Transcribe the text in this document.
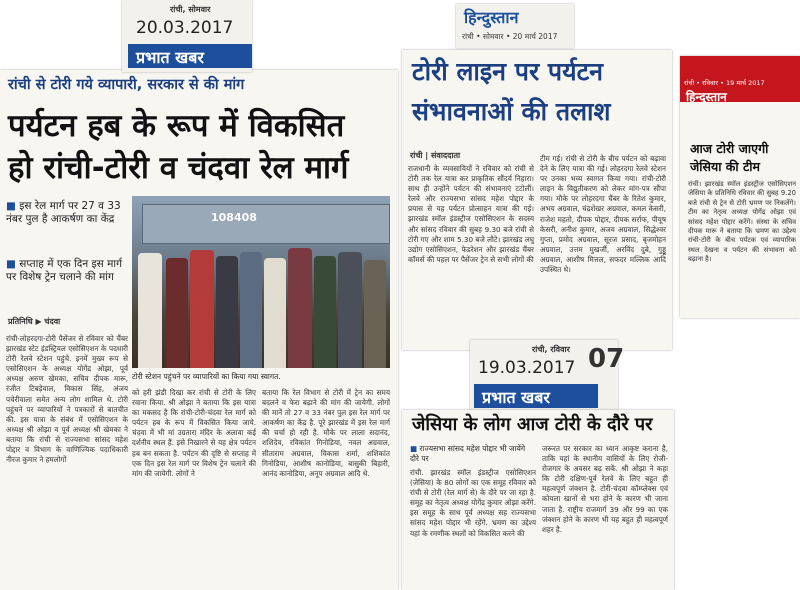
रांची, सोमवार
20.03.2017
प्रभात खबर
रांची से टोरी गये व्यापारी, सरकार से की मांग
पर्यटन हब के रूप में विकसित
हो रांची-टोरी व चंदवा रेल मार्ग
■ इस रेल मार्ग पर 27 व 33 नंबर पुल है आकर्षण का केंद्र
■ सप्ताह में एक दिन इस मार्ग पर विशेष ट्रेन चलाने की मांग
प्रतिनिधि ▶ चंदवा
108408
टोरी स्टेशन पहुंचने पर व्यापारियों का किया गया स्वागत.
रांची-लोहरदगा-टोरी पैसेंजर से रविवार को चैंबर झारखंड स्टेट इंडस्ट्रियल एसोसिएशन के पदधारी टोरी रेलवे स्टेशन पहुंचे. इनमें मुख्य रूप से एसोसिएशन के अध्यक्ष योगेंद्र ओझा, पूर्व अध्यक्ष अरुण खेमका, सचिव दीपक मारू, रंजीत टिबड़ेवाल, विकास सिंह, अंजय पचेरीवाला समेत अन्य लोग शामिल थे. टोरी पहुंचने पर व्यापारियों ने पत्रकारों से बातचीत की. इस यात्रा के संबंध में एसोसिएशन के अध्यक्ष श्री ओझा व पूर्व अध्यक्ष श्री खेमका ने बताया कि रांची से राज्यसभा सांसद महेश पोद्दार व विभाग के वाणिज्यिक पदाधिकारी नीरज कुमार ने हमलोगों
को हरी झंडी दिखा कर रांची से टोरी के लिए रवाना किया. श्री ओझा ने बताया कि इस यात्रा का मकसद है कि रांची-टोरी-चंदवा रेल मार्ग को पर्यटन हब के रूप में विकसित किया जाये. चंदवा में भी मां उग्रतारा मंदिर के अलावा कई दर्शनीय स्थल हैं. इसे निखारने से यह क्षेत्र पर्यटन हब बन सकता है. पर्यटन की दृष्टि से सप्ताह में एक दिन इस रेल मार्ग पर विशेष ट्रेन चलाने की मांग की जायेगी. लोगों ने
बताया कि रेल विभाग से टोरी में ट्रेन का समय बदलने व फेरा बढ़ाने की मांग की जायेगी. लोगों की मानें तो 27 व 33 नंबर पुल इस रेल मार्ग पर आकर्षण का केंद्र है. पूरे झारखंड में इस रेल मार्ग की चर्चा हो रही है. मौके पर लाला सदानंद, शशिदेव, रविकांत गिनोडिया, नवल अग्रवाल, सीताराम अग्रवाल, विकास शर्मा, शशिकांत गिनोडिया, आशीष कानोडिया, बासुकी बिहारी, आनंद कानोडिया, अनूप अग्रवाल आदि थे.
हिन्दुस्तान
रांची • सोमवार • 20 मार्च 2017
टोरी लाइन पर पर्यटन
संभावनाओं की तलाश
रांची | संवाददाता
राजधानी के व्यवसायियों ने रविवार को रांची से टोरी तक रेल यात्रा कर प्राकृतिक सौंदर्य निहारा। साथ ही उन्होंने पर्यटन की संभावनाएं टटोलीं। रेलवे और राज्यसभा सांसद महेश पोद्दार के प्रयास से यह पर्यटन प्रोत्साहन यात्रा की गई। झारखंड स्मॉल इंडस्ट्रीज एसोसिएशन के सदस्य और सांसद रविवार की सुबह 9.30 बजे रांची से टोरी गए और शाम 5.30 बजे लौटे। झारखंड लघु उद्योग एसोसिएशन, फेडरेशन और झारखंड चैंबर कॉमर्स की पहल पर पैसेंजर ट्रेन से सभी लोगों की
टीम गई। रांची से टोरी के बीच पर्यटन को बढ़ावा देने के लिए यात्रा की गई। लोहरदगा रेलवे स्टेशन पर उनका भव्य स्वागत किया गया। रांची-टोरी लाइन के विद्युतीकरण को लेकर मांग-पत्र सौंपा गया। मौके पर लोहरदगा चैंबर के रितेश कुमार, अभय अग्रवाल, चंद्रशेखर अग्रवाल, कमल केसरी, राजेश महतो, दीपक पोद्दार, दीपक सर्राफ, पीयूष केसरी, अनीश कुमार, अजय अग्रवाल, सिद्धेश्वर गुप्ता, प्रमोद अग्रवाल, सूरज प्रसाद, बृजमोहन अग्रवाल, उत्तम मुखर्जी, अरविंद दुबे, गुड्डू अग्रवाल, आशीष मित्तल, सफदर मल्लिक आदि उपस्थित थे।
रांची, रविवार
19.03.2017 07
प्रभात खबर
जेसिया के लोग आज टोरी के दौरे पर
■ राज्यसभा सांसद महेश पोद्दार भी जायेंगे दौरे पर
रांची. झारखंड स्मॉल इंडस्ट्रीज एसोसिएशन (जेसिया) के 80 लोगों का एक समूह रविवार को रांची से टोरी (रेल मार्ग से) के दौरे पर जा रहा है. समूह का नेतृत्व अध्यक्ष योगेंद्र कुमार ओझा करेंगे. इस समूह के साथ पूर्व अध्यक्ष सह राज्यसभा सांसद महेश पोद्दार भी रहेंगे. भ्रमण का उद्देश्य यहां के रमणीक स्थलों को विकसित करने की
जरूरत पर सरकार का ध्यान आकृष्ट कराना है, ताकि यहां के स्थानीय वासियों के लिए रोजी-रोजगार के अवसर बढ़ सकें. श्री ओझा ने कहा कि टोरी दक्षिण-पूर्व रेलवे के लिए बहुत ही महत्वपूर्ण जंक्शन है. टोरी-चंदवा कॉम्प्लेक्स एवं कोयला खानों से भरा होने के कारण भी जाना जाता है. राष्ट्रीय राजमार्ग 39 और 99 का एक जंक्शन होने के कारण भी यह बहुत ही महत्वपूर्ण शहर है.
रांची • रविवार • 19 मार्च 2017
हिन्दुस्तान
आज टोरी जाएगी
जेसिया की टीम
रांची। झारखंड स्मॉल इंडस्ट्रीज एसोसिएशन जेसिया के प्रतिनिधि रविवार की सुबह 9.20 बजे रांची से ट्रेन से टोरी भ्रमण पर निकलेंगे। टीम का नेतृत्व अध्यक्ष योगेंद्र ओझा एवं सांसद महेश पोद्दार करेंगे। संस्था के सचिव दीपक मारू ने बताया कि भ्रमण का उद्देश्य रांची-टोरी के बीच पर्यटक एवं व्यापारिक स्थल देखना व पर्यटन की संभावना को बढ़ाना है।
